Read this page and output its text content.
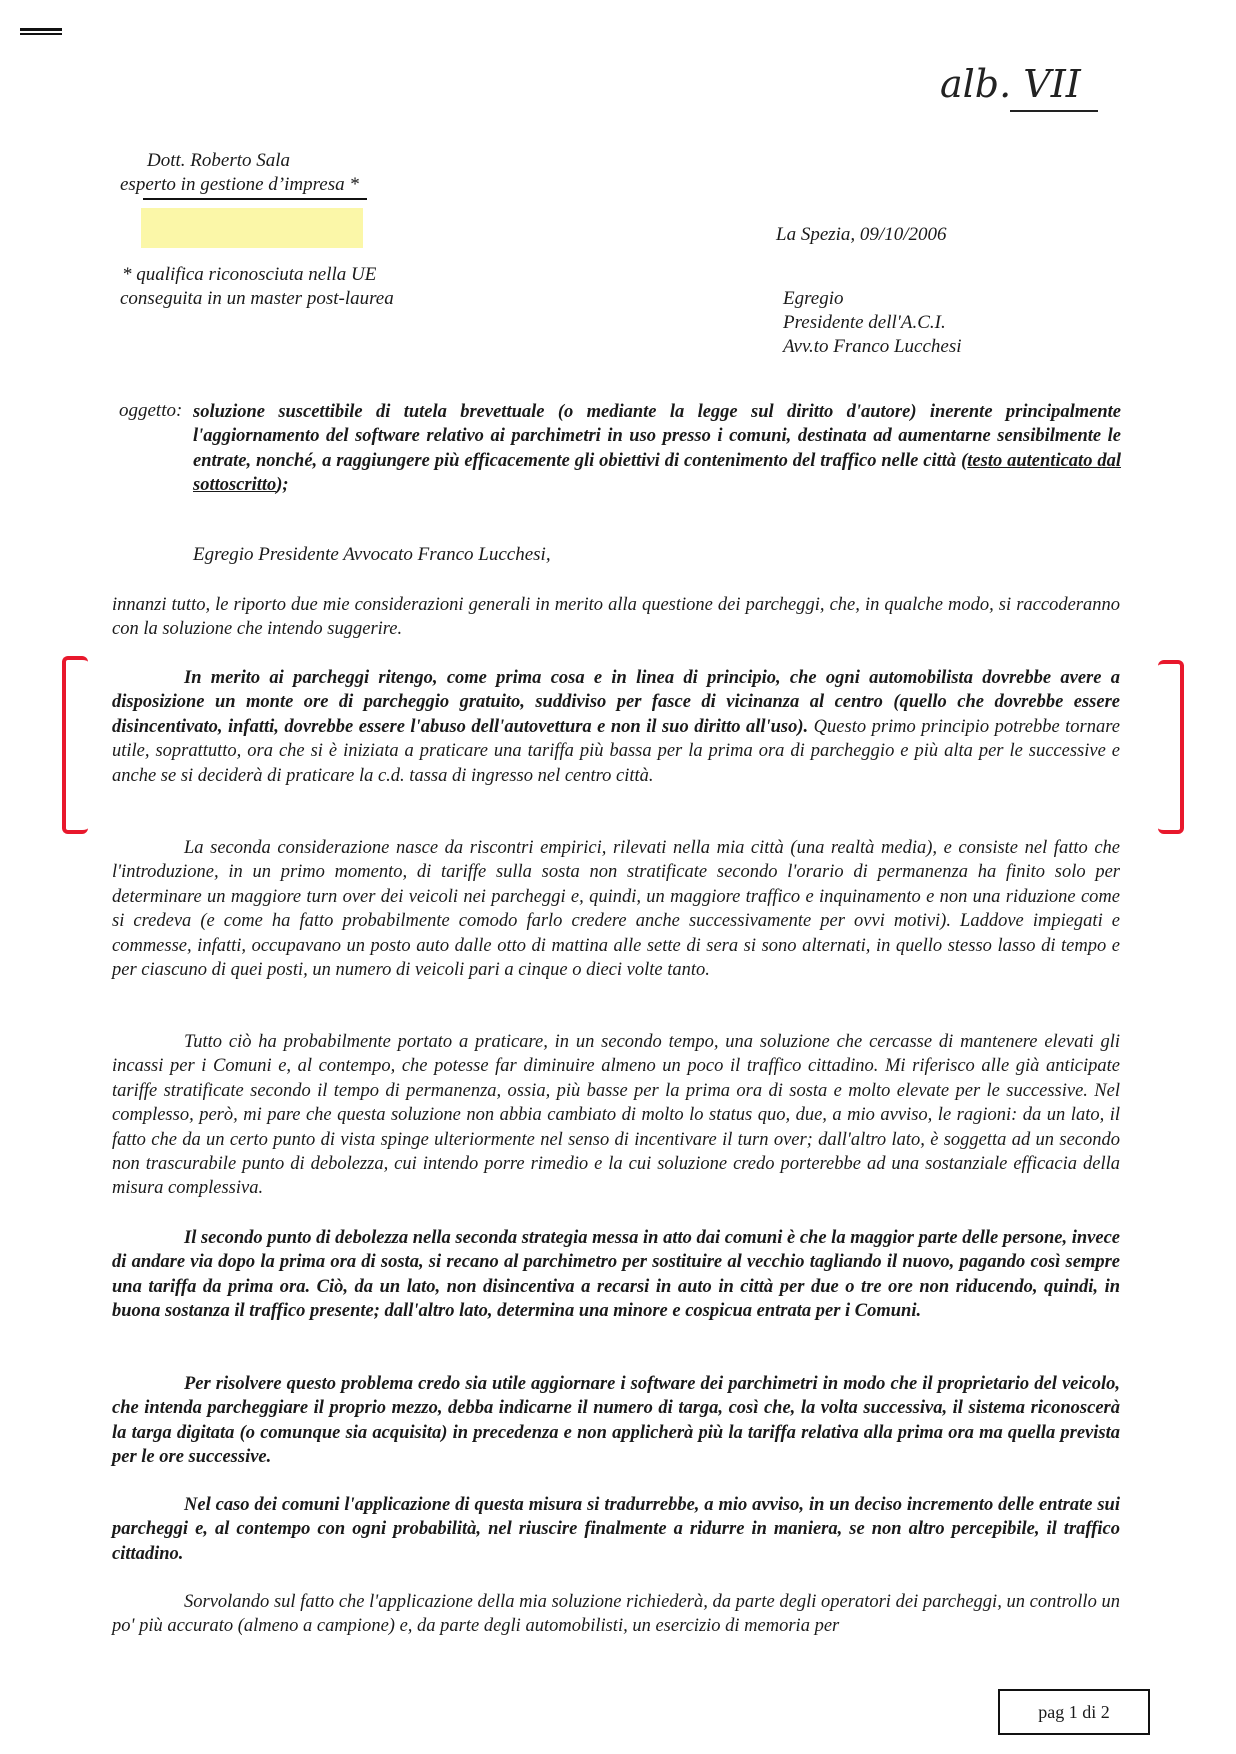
alb. VII
Dott. Roberto Sala
esperto in gestione d’impresa *
* qualifica riconosciuta nella UE
conseguita in un master post-laurea
La Spezia, 09/10/2006
Egregio
Presidente dell'A.C.I.
Avv.to Franco Lucchesi
oggetto: soluzione suscettibile di tutela brevettuale (o mediante la legge sul diritto d'autore) inerente principalmente l'aggiornamento del software relativo ai parchimetri in uso presso i comuni, destinata ad aumentarne sensibilmente le entrate, nonché, a raggiungere più efficacemente gli obiettivi di contenimento del traffico nelle città (testo autenticato dal sottoscritto);

Egregio Presidente Avvocato Franco Lucchesi,

innanzi tutto, le riporto due mie considerazioni generali in merito alla questione dei parcheggi, che, in qualche modo, si raccoderanno con la soluzione che intendo suggerire.

In merito ai parcheggi ritengo, come prima cosa e in linea di principio, che ogni automobilista dovrebbe avere a disposizione un monte ore di parcheggio gratuito, suddiviso per fasce di vicinanza al centro (quello che dovrebbe essere disincentivato, infatti, dovrebbe essere l'abuso dell'autovettura e non il suo diritto all'uso). Questo primo principio potrebbe tornare utile, soprattutto, ora che si è iniziata a praticare una tariffa più bassa per la prima ora di parcheggio e più alta per le successive e anche se si deciderà di praticare la c.d. tassa di ingresso nel centro città.

La seconda considerazione nasce da riscontri empirici, rilevati nella mia città (una realtà media), e consiste nel fatto che l'introduzione, in un primo momento, di tariffe sulla sosta non stratificate secondo l'orario di permanenza ha finito solo per determinare un maggiore turn over dei veicoli nei parcheggi e, quindi, un maggiore traffico e inquinamento e non una riduzione come si credeva (e come ha fatto probabilmente comodo farlo credere anche successivamente per ovvi motivi). Laddove impiegati e commesse, infatti, occupavano un posto auto dalle otto di mattina alle sette di sera si sono alternati, in quello stesso lasso di tempo e per ciascuno di quei posti, un numero di veicoli pari a cinque o dieci volte tanto.

Tutto ciò ha probabilmente portato a praticare, in un secondo tempo, una soluzione che cercasse di mantenere elevati gli incassi per i Comuni e, al contempo, che potesse far diminuire almeno un poco il traffico cittadino. Mi riferisco alle già anticipate tariffe stratificate secondo il tempo di permanenza, ossia, più basse per la prima ora di sosta e molto elevate per le successive. Nel complesso, però, mi pare che questa soluzione non abbia cambiato di molto lo status quo, due, a mio avviso, le ragioni: da un lato, il fatto che da un certo punto di vista spinge ulteriormente nel senso di incentivare il turn over; dall'altro lato, è soggetta ad un secondo non trascurabile punto di debolezza, cui intendo porre rimedio e la cui soluzione credo porterebbe ad una sostanziale efficacia della misura complessiva.

Il secondo punto di debolezza nella seconda strategia messa in atto dai comuni è che la maggior parte delle persone, invece di andare via dopo la prima ora di sosta, si recano al parchimetro per sostituire al vecchio tagliando il nuovo, pagando così sempre una tariffa da prima ora. Ciò, da un lato, non disincentiva a recarsi in auto in città per due o tre ore non riducendo, quindi, in buona sostanza il traffico presente; dall'altro lato, determina una minore e cospicua entrata per i Comuni.

Per risolvere questo problema credo sia utile aggiornare i software dei parchimetri in modo che il proprietario del veicolo, che intenda parcheggiare il proprio mezzo, debba indicarne il numero di targa, così che, la volta successiva, il sistema riconoscerà la targa digitata (o comunque sia acquisita) in precedenza e non applicherà più la tariffa relativa alla prima ora ma quella prevista per le ore successive.

Nel caso dei comuni l'applicazione di questa misura si tradurrebbe, a mio avviso, in un deciso incremento delle entrate sui parcheggi e, al contempo con ogni probabilità, nel riuscire finalmente a ridurre in maniera, se non altro percepibile, il traffico cittadino.

Sorvolando sul fatto che l'applicazione della mia soluzione richiederà, da parte degli operatori dei parcheggi, un controllo un po' più accurato (almeno a campione) e, da parte degli automobilisti, un esercizio di memoria per

pag 1 di 2
